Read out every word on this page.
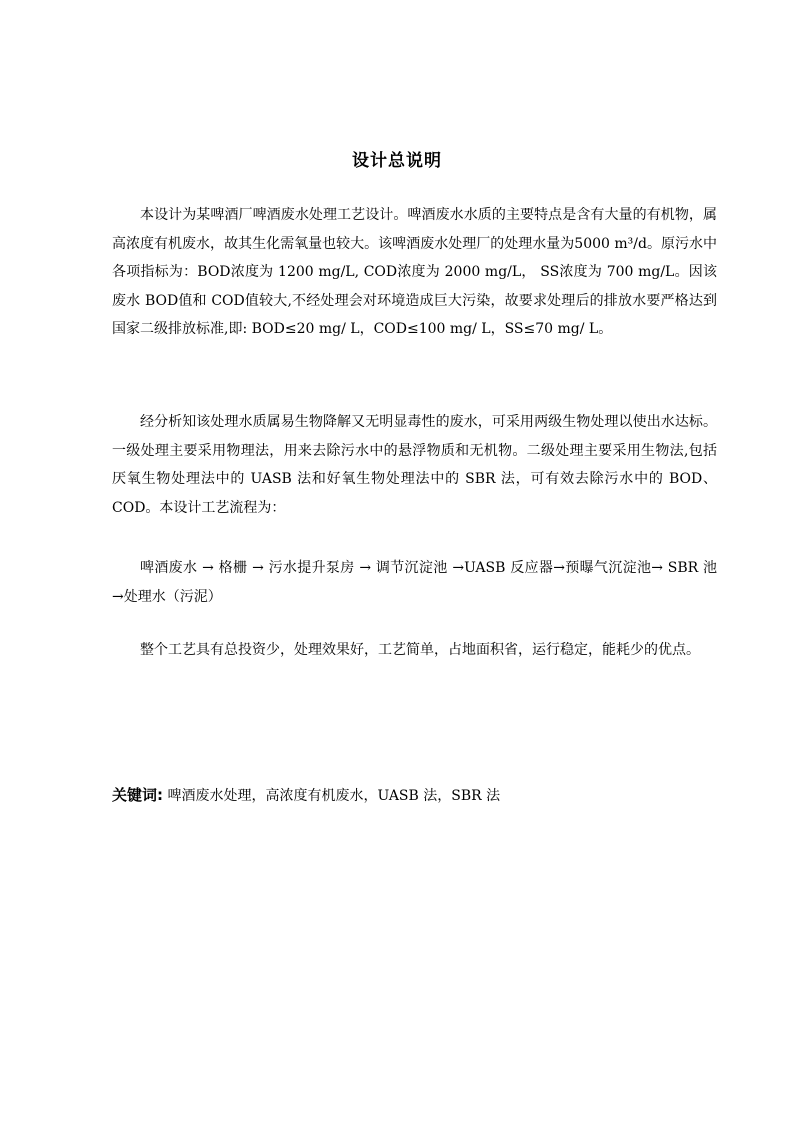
设计总说明

本设计为某啤酒厂啤酒废水处理工艺设计。啤酒废水水质的主要特点是含有大量的有机物，属高浓度有机废水，故其生化需氧量也较大。该啤酒废水处理厂的处理水量为5000 m³/d。原污水中各项指标为：BOD浓度为 1200 mg/L, COD浓度为 2000 mg/L， SS浓度为 700 mg/L。因该废水 BOD值和 COD值较大,不经处理会对环境造成巨大污染，故要求处理后的排放水要严格达到国家二级排放标准,即: BOD≤20 mg/ L，COD≤100 mg/ L，SS≤70 mg/ L。

经分析知该处理水质属易生物降解又无明显毒性的废水，可采用两级生物处理以使出水达标。一级处理主要采用物理法，用来去除污水中的悬浮物质和无机物。二级处理主要采用生物法,包括厌氧生物处理法中的 UASB 法和好氧生物处理法中的 SBR 法，可有效去除污水中的 BOD、COD。本设计工艺流程为：

啤酒废水 → 格栅 → 污水提升泵房 → 调节沉淀池 →UASB 反应器→预曝气沉淀池→ SBR 池 →处理水（污泥）

整个工艺具有总投资少，处理效果好，工艺简单，占地面积省，运行稳定，能耗少的优点。

关键词: 啤酒废水处理，高浓度有机废水，UASB 法，SBR 法
